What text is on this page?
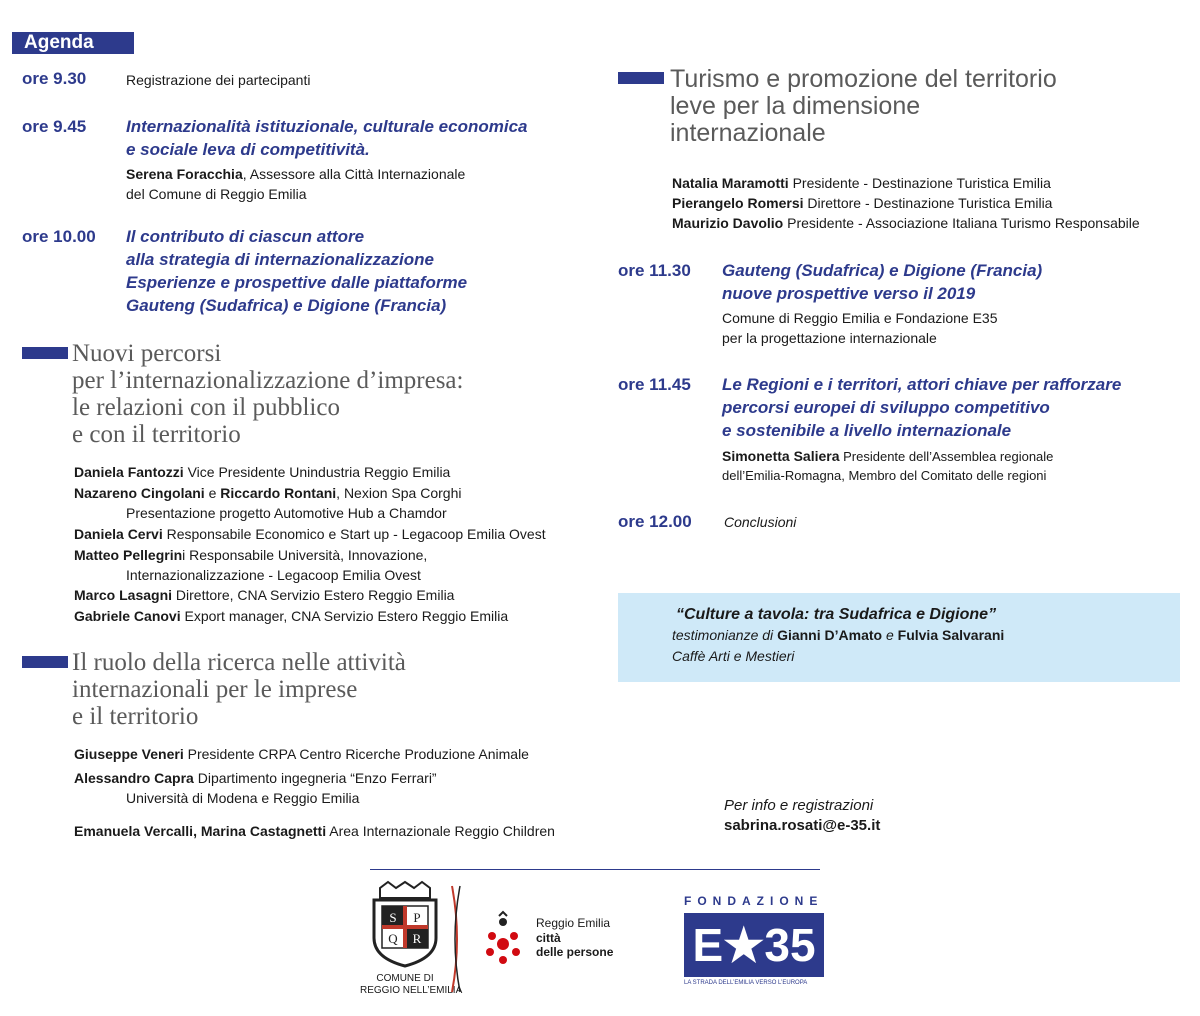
Agenda
ore 9.30	Registrazione dei partecipanti
ore 9.45 Internazionalità istituzionale, culturale economica
e sociale leva di competitività.
Serena Foracchia, Assessore alla Città Internazionale
del Comune di Reggio Emilia
ore 10.00 Il contributo di ciascun attore
alla strategia di internazionalizzazione
Esperienze e prospettive dalle piattaforme
Gauteng (Sudafrica) e Digione (Francia)
Nuovi percorsi
per l’internazionalizzazione d’impresa:
le relazioni con il pubblico
e con il territorio
Daniela Fantozzi Vice Presidente Unindustria Reggio Emilia
Nazareno Cingolani e Riccardo Rontani, Nexion Spa Corghi
Presentazione progetto Automotive Hub a Chamdor
Daniela Cervi Responsabile Economico e Start up - Legacoop Emilia Ovest
Matteo Pellegrini Responsabile Università, Innovazione,
Internazionalizzazione - Legacoop Emilia Ovest
Marco Lasagni Direttore, CNA Servizio Estero Reggio Emilia
Gabriele Canovi Export manager, CNA Servizio Estero Reggio Emilia
Il ruolo della ricerca nelle attività
internazionali per le imprese
e il territorio
Giuseppe Veneri Presidente CRPA Centro Ricerche Produzione Animale
Alessandro Capra Dipartimento ingegneria “Enzo Ferrari”
Università di Modena e Reggio Emilia
Emanuela Vercalli, Marina Castagnetti Area Internazionale Reggio Children
Turismo e promozione del territorio
leve per la dimensione
internazionale
Natalia Maramotti Presidente - Destinazione Turistica Emilia
Pierangelo Romersi Direttore - Destinazione Turistica Emilia
Maurizio Davolio Presidente - Associazione Italiana Turismo Responsabile
ore 11.30 Gauteng (Sudafrica) e Digione (Francia)
nuove prospettive verso il 2019
Comune di Reggio Emilia e Fondazione E35
per la progettazione internazionale
ore 11.45 Le Regioni e i territori, attori chiave per rafforzare
percorsi europei di sviluppo competitivo
e sostenibile a livello internazionale
Simonetta Saliera Presidente dell’Assemblea regionale
dell’Emilia-Romagna, Membro del Comitato delle regioni
ore 12.00 Conclusioni
“Culture a tavola: tra Sudafrica e Digione”
testimonianze di Gianni D’Amato e Fulvia Salvarani
Caffè Arti e Mestieri
Per info e registrazioni
sabrina.rosati@e-35.it
S P
Q R
COMUNE DI
REGGIO NELL’EMILIA
Reggio Emilia
città
delle persone
FONDAZIONE
E★35
LA STRADA DELL’EMILIA VERSO L’EUROPA
